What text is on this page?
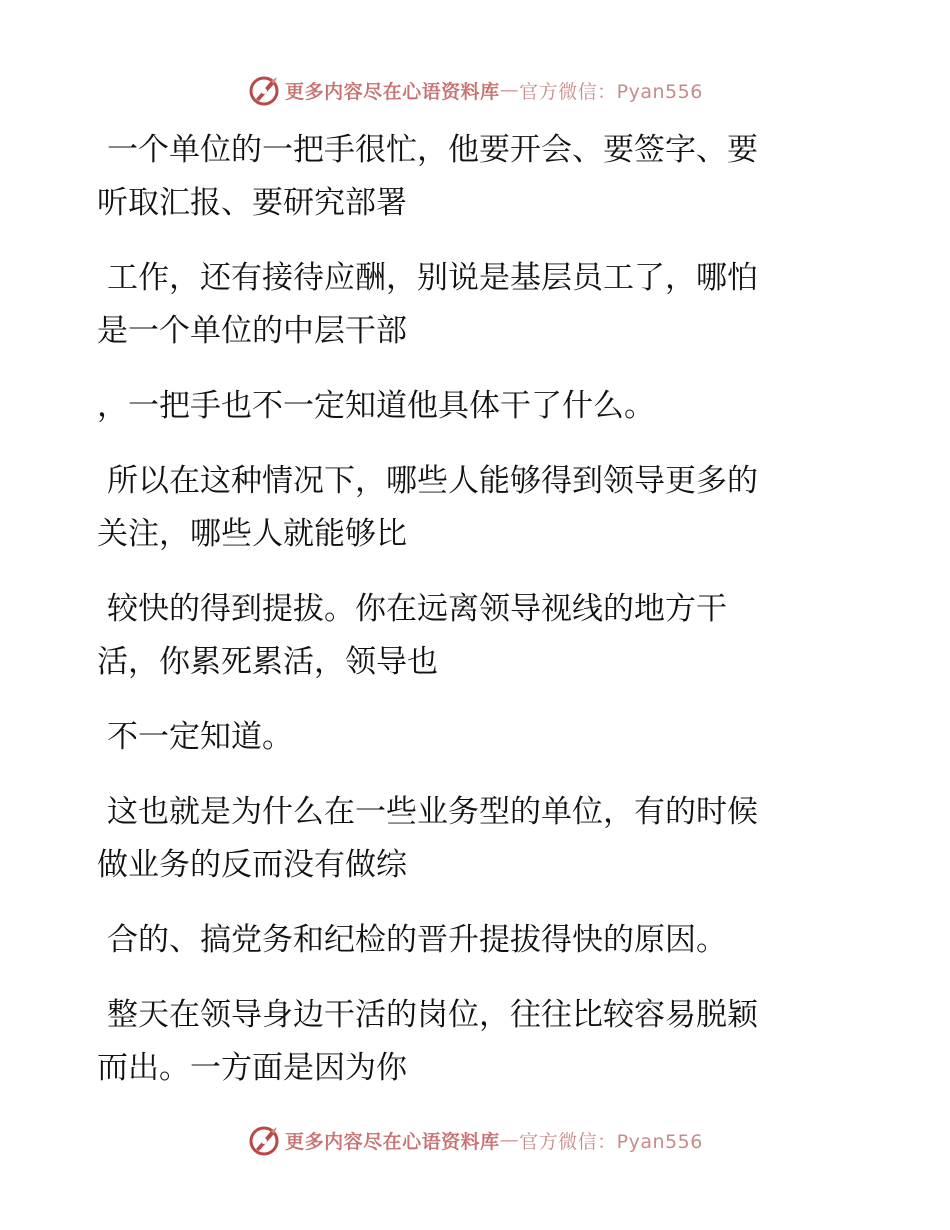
更多内容尽在心语资料库 — 官方微信：Pyan556

一个单位的一把手很忙，他要开会、要签字、要
听取汇报、要研究部署

工作，还有接待应酬，别说是基层员工了，哪怕
是一个单位的中层干部

，一把手也不一定知道他具体干了什么。

所以在这种情况下，哪些人能够得到领导更多的
关注，哪些人就能够比

较快的得到提拔。你在远离领导视线的地方干
活，你累死累活，领导也

不一定知道。

这也就是为什么在一些业务型的单位，有的时候
做业务的反而没有做综

合的、搞党务和纪检的晋升提拔得快的原因。

整天在领导身边干活的岗位，往往比较容易脱颖
而出。一方面是因为你

更多内容尽在心语资料库 — 官方微信：Pyan556
